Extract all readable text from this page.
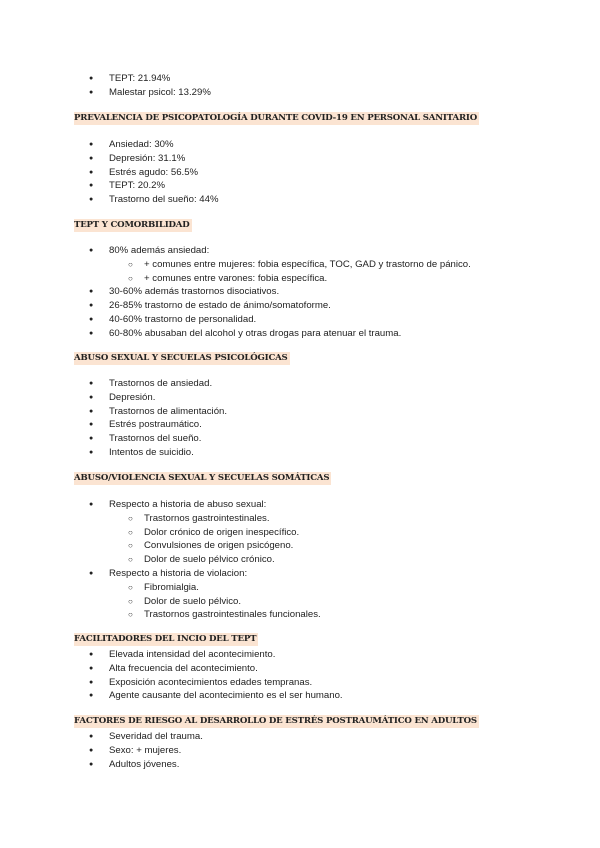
● TEPT: 21.94%
● Malestar psicol: 13.29%
PREVALENCIA DE PSICOPATOLOGÍA DURANTE COVID-19 EN PERSONAL SANITARIO
● Ansiedad: 30%
● Depresión: 31.1%
● Estrés agudo: 56.5%
● TEPT: 20.2%
● Trastorno del sueño: 44%
TEPT Y COMORBILIDAD
● 80% además ansiedad:
○ + comunes entre mujeres: fobia específica, TOC, GAD y trastorno de pánico.
○ + comunes entre varones: fobia específica.
● 30-60% además trastornos disociativos.
● 26-85% trastorno de estado de ánimo/somatoforme.
● 40-60% trastorno de personalidad.
● 60-80% abusaban del alcohol y otras drogas para atenuar el trauma.
ABUSO SEXUAL Y SECUELAS PSICOLÓGICAS
● Trastornos de ansiedad.
● Depresión.
● Trastornos de alimentación.
● Estrés postraumático.
● Trastornos del sueño.
● Intentos de suicidio.
ABUSO/VIOLENCIA SEXUAL Y SECUELAS SOMÁTICAS
● Respecto a historia de abuso sexual:
○ Trastornos gastrointestinales.
○ Dolor crónico de origen inespecífico.
○ Convulsiones de origen psicógeno.
○ Dolor de suelo pélvico crónico.
● Respecto a historia de violacion:
○ Fibromialgia.
○ Dolor de suelo pélvico.
○ Trastornos gastrointestinales funcionales.
FACILITADORES DEL INCIO DEL TEPT
● Elevada intensidad del acontecimiento.
● Alta frecuencia del acontecimiento.
● Exposición acontecimientos edades tempranas.
● Agente causante del acontecimiento es el ser humano.
FACTORES DE RIESGO AL DESARROLLO DE ESTRÉS POSTRAUMÁTICO EN ADULTOS
● Severidad del trauma.
● Sexo: + mujeres.
● Adultos jóvenes.
